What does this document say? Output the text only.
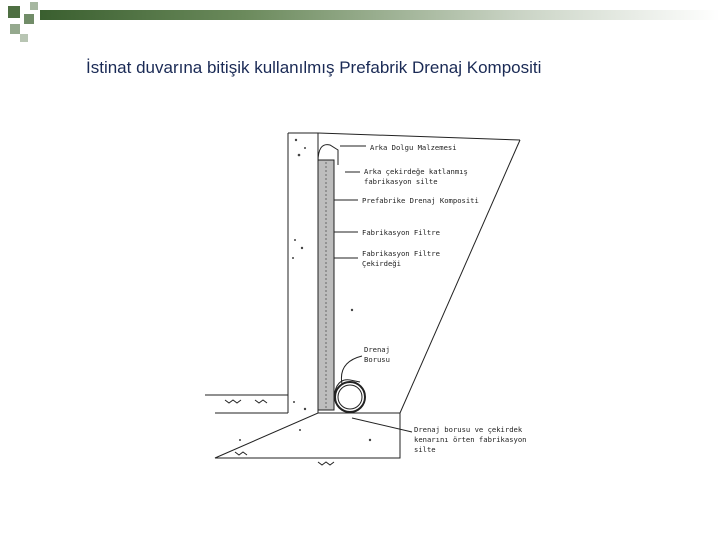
İstinat duvarına bitişik kullanılmış Prefabrik Drenaj Kompositi
Arka Dolgu Malzemesi
Arka çekirdeğe katlanmış
fabrikasyon silte
Prefabrike Drenaj Kompositi
Fabrikasyon Filtre
Fabrikasyon Filtre
Çekirdeği
Drenaj
Borusu
Drenaj borusu ve çekirdek
kenarını örten fabrikasyon
silte
